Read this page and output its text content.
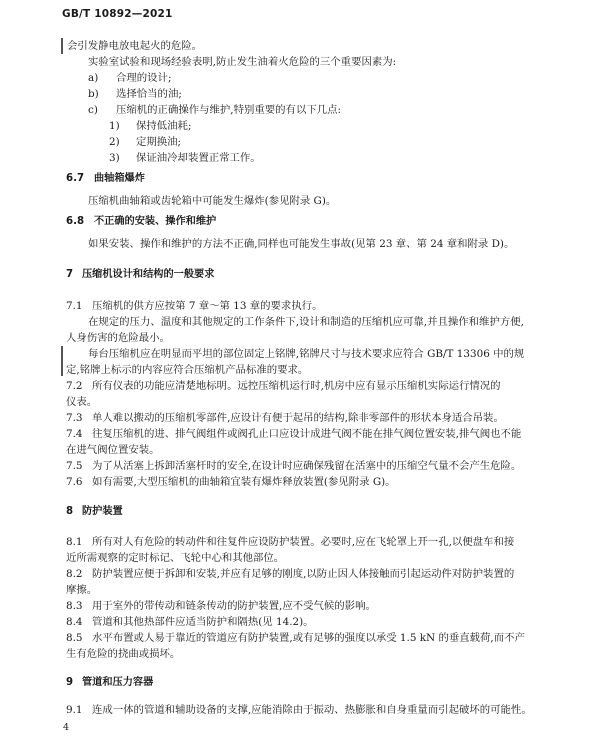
GB/T 10892—2021
会引发静电放电起火的危险。
实验室试验和现场经验表明,防止发生油着火危险的三个重要因素为:
a) 合理的设计;
b) 选择恰当的油;
c) 压缩机的正确操作与维护,特别重要的有以下几点:
1) 保持低油耗;
2) 定期换油;
3) 保证油冷却装置正常工作。
6.7 曲轴箱爆炸
压缩机曲轴箱或齿轮箱中可能发生爆炸(参见附录 G)。
6.8 不正确的安装、操作和维护
如果安装、操作和维护的方法不正确,同样也可能发生事故(见第 23 章、第 24 章和附录 D)。
7 压缩机设计和结构的一般要求
7.1 压缩机的供方应按第 7 章～第 13 章的要求执行。
在规定的压力、温度和其他规定的工作条件下,设计和制造的压缩机应可靠,并且操作和维护方便,
人身伤害的危险最小。
每台压缩机应在明显而平坦的部位固定上铭牌,铭牌尺寸与技术要求应符合 GB/T 13306 中的规
定,铭牌上标示的内容应符合压缩机产品标准的要求。
7.2 所有仪表的功能应清楚地标明。远控压缩机运行时,机房中应有显示压缩机实际运行情况的
仪表。
7.3 单人难以搬动的压缩机零部件,应设计有便于起吊的结构,除非零部件的形状本身适合吊装。
7.4 往复压缩机的进、排气阀组件或阀孔止口应设计成进气阀不能在排气阀位置安装,排气阀也不能
在进气阀位置安装。
7.5 为了从活塞上拆卸活塞杆时的安全,在设计时应确保残留在活塞中的压缩空气量不会产生危险。
7.6 如有需要,大型压缩机的曲轴箱宜装有爆炸释放装置(参见附录 G)。
8 防护装置
8.1 所有对人有危险的转动件和往复件应设防护装置。必要时,应在飞轮罩上开一孔,以便盘车和接
近所需观察的定时标记、飞轮中心和其他部位。
8.2 防护装置应便于拆卸和安装,并应有足够的刚度,以防止因人体接触而引起运动件对防护装置的
摩擦。
8.3 用于室外的带传动和链条传动的防护装置,应不受气候的影响。
8.4 管道和其他热部件应适当防护和隔热(见 14.2)。
8.5 水平布置或人易于靠近的管道应有防护装置,或有足够的强度以承受 1.5 kN 的垂直载荷,而不产
生有危险的挠曲或损坏。
9 管道和压力容器
9.1 连成一体的管道和辅助设备的支撑,应能消除由于振动、热膨胀和自身重量而引起破坏的可能性。
4
